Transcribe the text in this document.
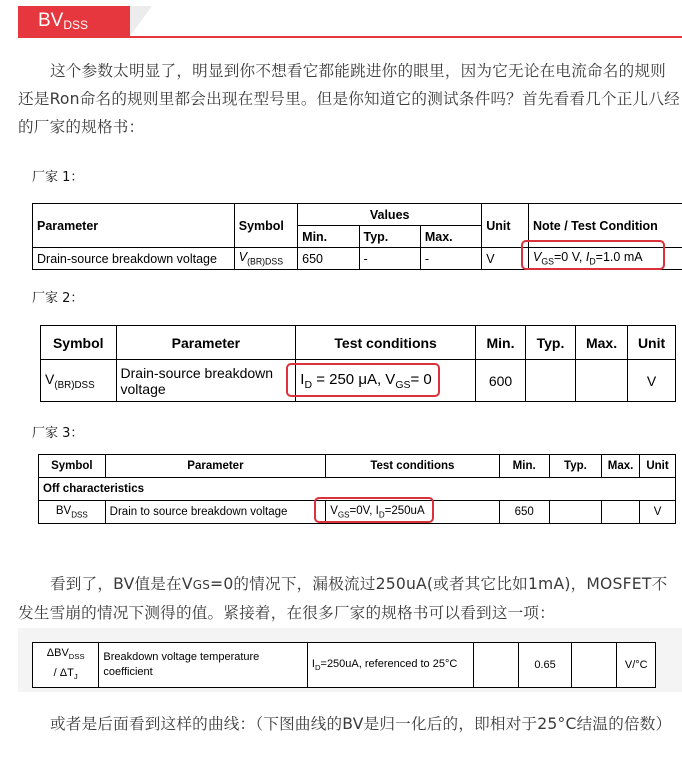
$BV_{DSS}$
这个参数太明显了，明显到你不想看它都能跳进你的眼里，因为它无论在电流命名的规则还是Ron命名的规则里都会出现在型号里。但是你知道它的测试条件吗？首先看看几个正儿八经的厂家的规格书：
厂家 1：
Parameter	Symbol	Values			Unit	Note / Test Condition
		Min.	Typ.	Max.		
Drain-source breakdown voltage	$V_{(BR)DSS}$	650	-	-	V	$V_{GS}=0$ V, $I_D=1.0$ mA
厂家 2：
Symbol	Parameter	Test conditions	Min.	Typ.	Max.	Unit
$V_{(BR)DSS}$	Drain-source breakdown voltage	$I_D = 250$ μA, $V_{GS}= 0$	600			V
厂家 3：
Symbol	Parameter	Test conditions	Min.	Typ.	Max.	Unit
Off characteristics						
$BV_{DSS}$	Drain to source breakdown voltage	$V_{GS}=0V$, $I_D=250uA$	650			V
看到了，BV值是在VGS=0的情况下，漏极流过250uA(或者其它比如1mA)，MOSFET不发生雪崩的情况下测得的值。紧接着，在很多厂家的规格书可以看到这一项：
$\Delta BV_{DSS}$
/ $\Delta T_J$	Breakdown voltage temperature coefficient	$I_D=250uA$, referenced to 25°C		0.65		V/°C
或者是后面看到这样的曲线：（下图曲线的BV是归一化后的，即相对于25°C结温的倍数）
